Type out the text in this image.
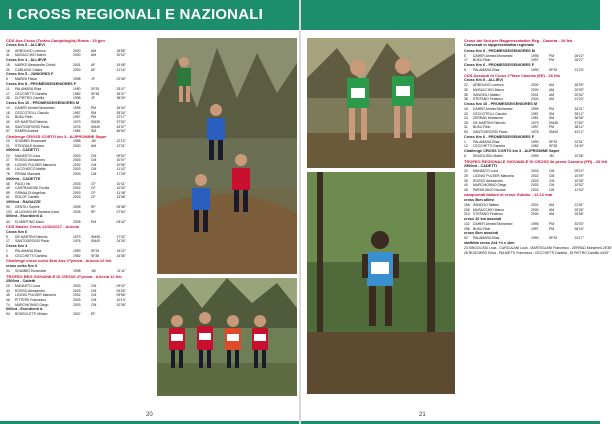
I CROSS REGIONALI E NAZIONALI
CDS Ass Cross (Trofeo Campidoglio) Roma - 15 gen
Cross Km 5 - ALLIEVI
16	ARBOLINO Lorenzo	2000	AM	18'55''
31	MUSACCHIO Marco	2000	AM	20'02''
Cross Km 4 - ALLIEVE
18	MARKS Alessandra Christi	2001	AF	19'45''
30	CARLANO Chiara	2000	AF	21'16''
Cross Km 5 - JUNIORES F
6	MARINI Flavia	1998	JF	22'06''
Cross Km 8 - PROMESSE/SENIORES F
11	PALAMARA Elisa	1990	SF25	33'47''
17	CECCHETTI Daniela	1982	SF35	35'37''
35	DI PIETRO Camilla	1998	JF	38'30''
Cross Km 10 - PROMESSE/SENIORES M
12	DAHER Ahmed Mohamed	1995	PM	34'34''
18	CECCOTELLI Claudio	1987	SM	35'34''
21	BUKU Rbin	1997	PM	37'17''
40	DE MARTINI Fabrizio	1979	SM35	37'52''
61	SANTOGROSSI Paolo	1976	SM40	43'37''
67	RAMPA Andrea	1984	SM	46'54''
Challenge CROSS CORTO km 3 - A/JPROMINE Saper
20	SOUMBO Emanuele	1998	JM	12'13''
21	STINZIALE Andrea	2000	AM	12'31''
2500mt - CADETTI
22	MANASTO Luca	2003	CM	09'52''
27	ROSSO Alessandro	2003	CM	10'07''
45	LICINIO PULSER Manuela	2002	CM	10'56''
46	LUCCHIOCO Mattia	2003	CM	11'42''
78	PIRANI Manuela	2003	CM	17'28''
2000mt - CADETTE
48	PAOLI Iris	2003	CF	10'31''
49	CASTRAUDINI Cecilia	2002	CF	10'32''
59	GRIMALDI Angelina	2003	CF	11'48''
61	ROLOF Camilla	2003	CF	13'08''
1000mt - RAGAZZE
90	GENTILI Sophie	2005	RF	05'38''
103 ALUCHACHIS Samara Luisa	2005	RF	07'54''
600mt - Esordienti A
44	DI MARTINO Dario	2005	EM	03'42''
CDS Master Cross 12/02/2017 - Ariccia
Cross Km 6
5	DE MARTINI Fabrizio	1979	SM35	17'02''
17	SANTOGROSSI Paolo	1976	SM40	24'26''
Cross Km 4
1	PALAMARA Elisa	1990	SF25	15'22''
8	CECCHETTI Daniela	1982	SF35	16'36''
Challenge cross corto 3km Ass 2^prova - Ariccia 12 feb
cross corto Km 3
44	SOUMBO Emanuele	1998	JM	11'11''
TROFEO REG GIOVANILE DI CROSS 2^prova - Ariccia 12 feb
2500mt - Cadetti
20	MANASTO Luca	2003	CM	09'02''
43	ROSSO Alessandro	2003	CM	09'26''
45	LICINIO PULSER Manuela	2002	CM	09'56''
46	PITTERS Francesco	2003	CM	10'13''
74	MARCHIONNO Diego	2003	CM	10'38''
600mt - Esordienti A
94	BOSSOLETTI Miriam	2007	EF
20
Cross del Sud per Rappresentative Reg - Caserta - 19 feb
Convocati in rappresentativa regionale
Cross Km 5 - PROMESSE/SENIORES M
5	DAHER Ahmed Mohamed	1995	PM	26'10''
17	BUKU Rbin	1997	PM	26'27''
Cross Km 6 - PROMESSE/SENIORES F
5	PALAMARA Elisa	1990	SF25	21'23''
CDS Assoluti di Cross 2^fase Caserta (EE) - 26 feb
Cross Km 5 - ALLIEVI
22	ARBOLINO Lorenzo	2000	AM	18'09''
30	MUSACCHIO Marco	2000	AM	20'09''
35	SANGIOLI Matteo	2001	AM	20'52''
38	STEFANO Federico	2000	AM	21'20''
Cross Km 10 - PROMESSE/SENIORES M
16	DAHER Ahmed Mohamed	1995	PM	34'21''
20	CECCOTELLI Claudio	1987	SM	35'12''
24	ZERRAD Mohamed	1981	SM	36'08''
28	DE MARTINI Fabrizio	1979	SM35	37'52''
31	BUKU Rbin	1997	PM	38'14''
53	SANTOGROSSI Paolo	1976	SM40	43'12''
Cross Km 6 - PROMESSE/SENIORES F
1	PALAMARA Elisa	1990	SF25	22'01''
12	CECCHETTI Daniela	1982	SF35	24'40''
Challenge CROSS CORTO km 3 - A/JPROMINE Saper
6	SINGOLISIU Mattei	1999	JM	10'06''
TROFEO REGIONALE GIOVANILE DI CROSS 3a prova Cassino (FR) - 26 feb
2500mt - CADETTI
22	MANASTO Luca	2003	CM	09'10''
25	LICINIO PULSER Manuela	2002	CM	10'09''
35	ROSSO Alessandro	2003	CM	10'35''
40	MARCHIONNO Diego	2003	CM	10'52''
46	PARIGLIANO Nicolas	2003	CM	11'03''
campionati italiani di cross Gubbio - 11-12 mar
cross 5km allievi
156 SANDOLI Matteo	2001	AM	21'51''
206 MUSACCHIO Marco	2000	AM	25'26''
210 STEFANO Federico	2000	AM	25'56''
cross 10 km assoluti
102 DAHER Ahmed Mohamed	1995	PM	33'03''
256 BUKU Rbin	1997	PM	36'15''
cross 6km assoluti
52	PALAMARA Elisa	1990	SF25	24'17''
staffetta cross 2x4 +4 x 1km
23 SINGOLISIU Luca - CURCULANI Luca - MARTIGLIANI Francesco - ZERRAD Mohamed 25'36''
28 RUGGIERO Erika - PALMETTI Francesca - CECCHETTI Daniela - DI PIETRO Camilla 44'00''
21
